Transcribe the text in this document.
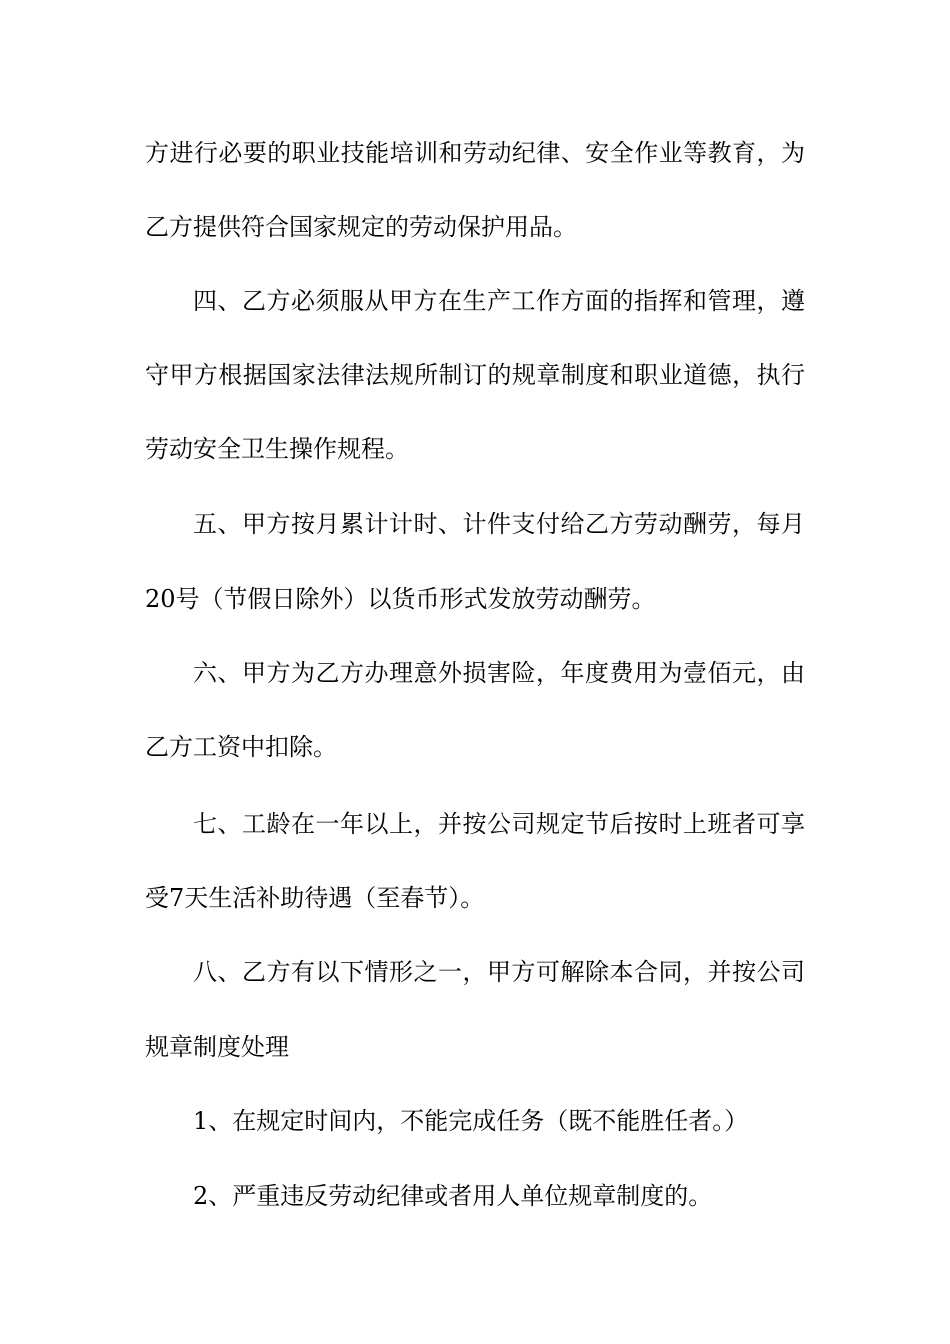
方进行必要的职业技能培训和劳动纪律、安全作业等教育，为
乙方提供符合国家规定的劳动保护用品。
四、乙方必须服从甲方在生产工作方面的指挥和管理，遵
守甲方根据国家法律法规所制订的规章制度和职业道德，执行
劳动安全卫生操作规程。
五、甲方按月累计计时、计件支付给乙方劳动酬劳，每月
20号（节假日除外）以货币形式发放劳动酬劳。
六、甲方为乙方办理意外损害险，年度费用为壹佰元，由
乙方工资中扣除。
七、工龄在一年以上，并按公司规定节后按时上班者可享
受7天生活补助待遇（至春节）。
八、乙方有以下情形之一，甲方可解除本合同，并按公司
规章制度处理
1、在规定时间内，不能完成任务（既不能胜任者。）
2、严重违反劳动纪律或者用人单位规章制度的。
